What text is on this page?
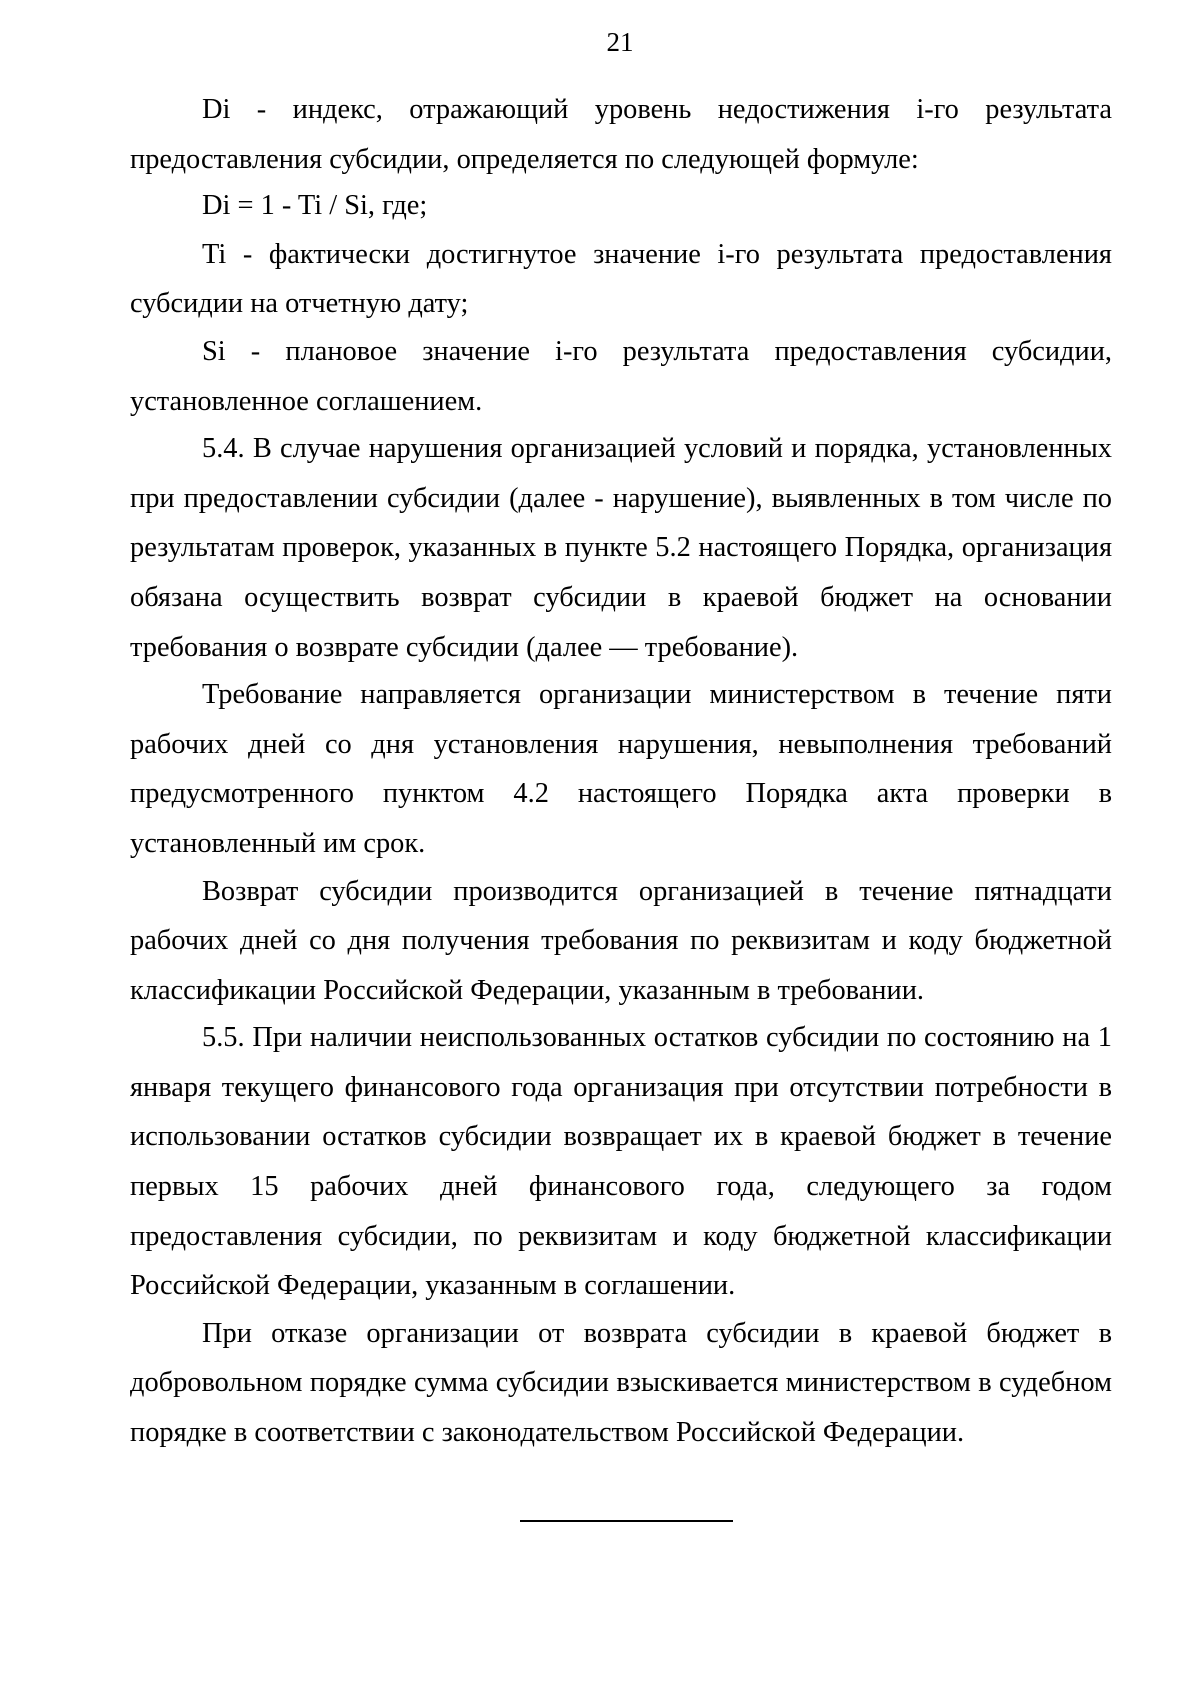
21

Di - индекс, отражающий уровень недостижения i-го результата предоставления субсидии, определяется по следующей формуле:

Di = 1 - Ti / Si, где;

Ti - фактически достигнутое значение i-го результата предоставления субсидии на отчетную дату;

Si - плановое значение i-го результата предоставления субсидии, установленное соглашением.

5.4. В случае нарушения организацией условий и порядка, установленных при предоставлении субсидии (далее - нарушение), выявленных в том числе по результатам проверок, указанных в пункте 5.2 настоящего Порядка, организация обязана осуществить возврат субсидии в краевой бюджет на основании требования о возврате субсидии (далее — требование).

Требование направляется организации министерством в течение пяти рабочих дней со дня установления нарушения, невыполнения требований предусмотренного пунктом 4.2 настоящего Порядка акта проверки в установленный им срок.

Возврат субсидии производится организацией в течение пятнадцати рабочих дней со дня получения требования по реквизитам и коду бюджетной классификации Российской Федерации, указанным в требовании.

5.5. При наличии неиспользованных остатков субсидии по состоянию на 1 января текущего финансового года организация при отсутствии потребности в использовании остатков субсидии возвращает их в краевой бюджет в течение первых 15 рабочих дней финансового года, следующего за годом предоставления субсидии, по реквизитам и коду бюджетной классификации Российской Федерации, указанным в соглашении.

При отказе организации от возврата субсидии в краевой бюджет в добровольном порядке сумма субсидии взыскивается министерством в судебном порядке в соответствии с законодательством Российской Федерации.
